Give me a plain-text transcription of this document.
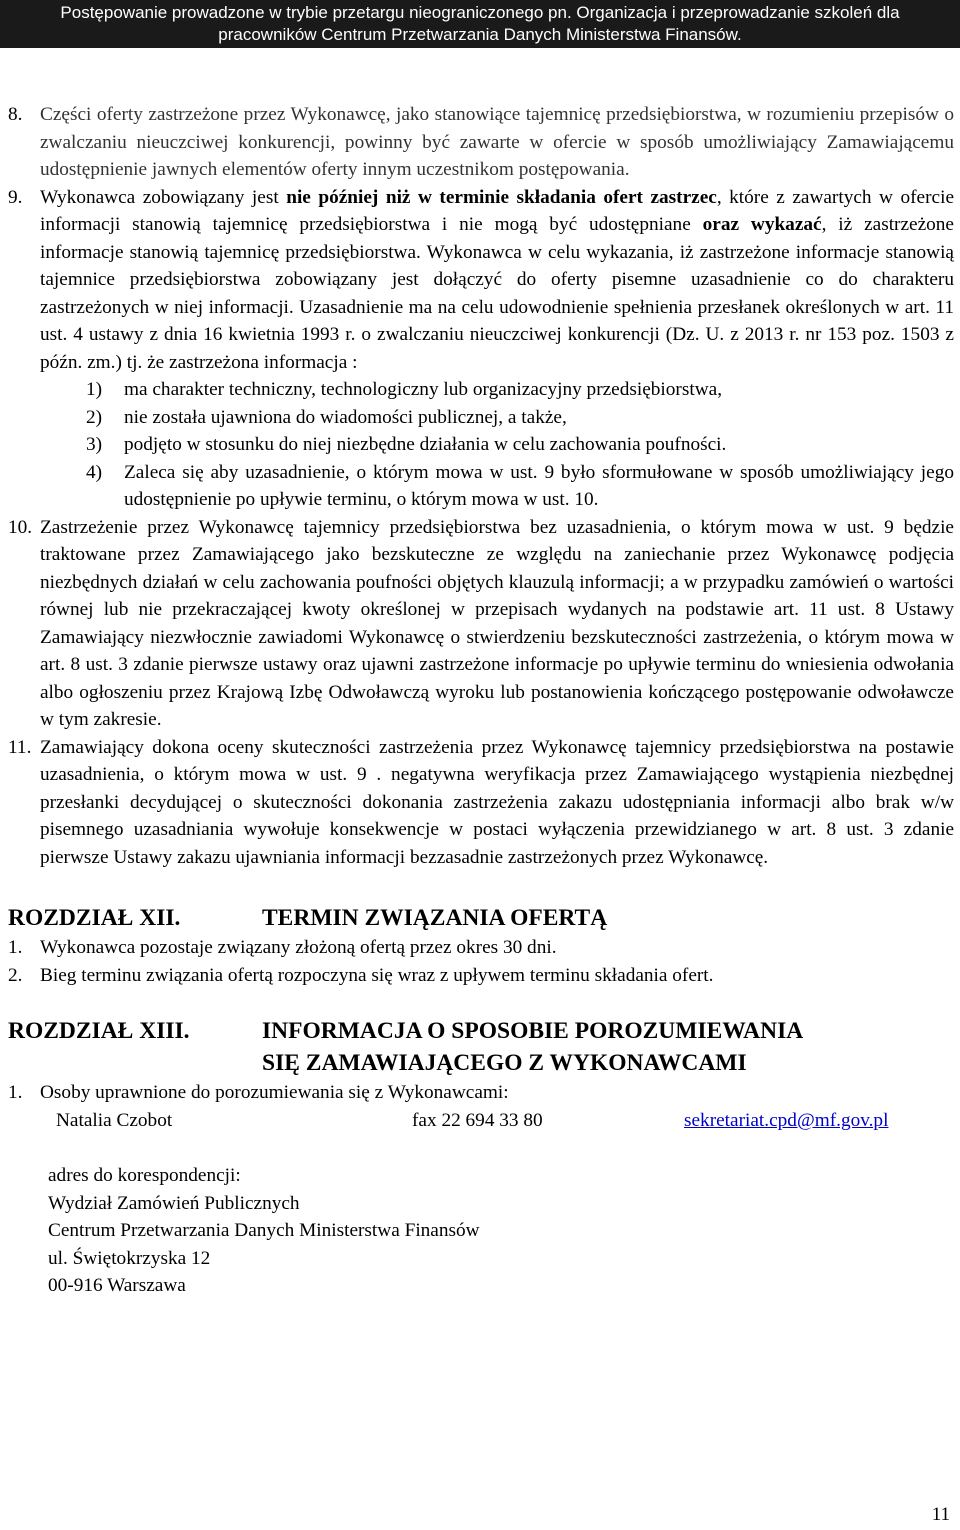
Postępowanie prowadzone w trybie przetargu nieograniczonego pn. Organizacja i przeprowadzanie szkoleń dla
pracowników Centrum Przetwarzania Danych Ministerstwa Finansów.
8. Części oferty zastrzeżone przez Wykonawcę, jako stanowiące tajemnicę przedsiębiorstwa, w rozumieniu przepisów o zwalczaniu nieuczciwej konkurencji, powinny być zawarte w ofercie w sposób umożliwiający Zamawiającemu udostępnienie jawnych elementów oferty innym uczestnikom postępowania.
9. Wykonawca zobowiązany jest nie później niż w terminie składania ofert zastrzec, które z zawartych w ofercie informacji stanowią tajemnicę przedsiębiorstwa i nie mogą być udostępniane oraz wykazać, iż zastrzeżone informacje stanowią tajemnicę przedsiębiorstwa. Wykonawca w celu wykazania, iż zastrzeżone informacje stanowią tajemnice przedsiębiorstwa zobowiązany jest dołączyć do oferty pisemne uzasadnienie co do charakteru zastrzeżonych w niej informacji. Uzasadnienie ma na celu udowodnienie spełnienia przesłanek określonych w art. 11 ust. 4 ustawy z dnia 16 kwietnia 1993 r. o zwalczaniu nieuczciwej konkurencji (Dz. U. z 2013 r. nr 153 poz. 1503 z późn. zm.) tj. że zastrzeżona informacja :
1)	ma charakter techniczny, technologiczny lub organizacyjny przedsiębiorstwa,
2)	nie została ujawniona do wiadomości publicznej, a także,
3)	podjęto w stosunku do niej niezbędne działania w celu zachowania poufności.
4)	Zaleca się aby uzasadnienie, o którym mowa w ust. 9 było sformułowane w sposób umożliwiający jego udostępnienie po upływie terminu, o którym mowa w ust. 10.
10. Zastrzeżenie przez Wykonawcę tajemnicy przedsiębiorstwa bez uzasadnienia, o którym mowa w ust. 9 będzie traktowane przez Zamawiającego jako bezskuteczne ze względu na zaniechanie przez Wykonawcę podjęcia niezbędnych działań w celu zachowania poufności objętych klauzulą informacji; a w przypadku zamówień o wartości równej lub nie przekraczającej kwoty określonej w przepisach wydanych na podstawie art. 11 ust. 8 Ustawy Zamawiający niezwłocznie zawiadomi Wykonawcę o stwierdzeniu bezskuteczności zastrzeżenia, o którym mowa w art. 8 ust. 3 zdanie pierwsze ustawy oraz ujawni zastrzeżone informacje po upływie terminu do wniesienia odwołania albo ogłoszeniu przez Krajową Izbę Odwoławczą wyroku lub postanowienia kończącego postępowanie odwoławcze w tym zakresie.
11. Zamawiający dokona oceny skuteczności zastrzeżenia przez Wykonawcę tajemnicy przedsiębiorstwa na postawie uzasadnienia, o którym mowa w ust. 9 . negatywna weryfikacja przez Zamawiającego wystąpienia niezbędnej przesłanki decydującej o skuteczności dokonania zastrzeżenia zakazu udostępniania informacji albo brak w/w pisemnego uzasadniania wywołuje konsekwencje w postaci wyłączenia przewidzianego w art. 8 ust. 3 zdanie pierwsze Ustawy zakazu ujawniania informacji bezzasadnie zastrzeżonych przez Wykonawcę.
ROZDZIAŁ XII.	TERMIN ZWIĄZANIA OFERTĄ
1. Wykonawca pozostaje związany złożoną ofertą przez okres 30 dni.
2. Bieg terminu związania ofertą rozpoczyna się wraz z upływem terminu składania ofert.
ROZDZIAŁ XIII.	INFORMACJA O SPOSOBIE POROZUMIEWANIA
SIĘ ZAMAWIAJĄCEGO Z WYKONAWCAMI
1. Osoby uprawnione do porozumiewania się z Wykonawcami:
Natalia Czobot	fax 22 694 33 80	sekretariat.cpd@mf.gov.pl
adres do korespondencji:
Wydział Zamówień Publicznych
Centrum Przetwarzania Danych Ministerstwa Finansów
ul. Świętokrzyska 12
00-916 Warszawa
11
